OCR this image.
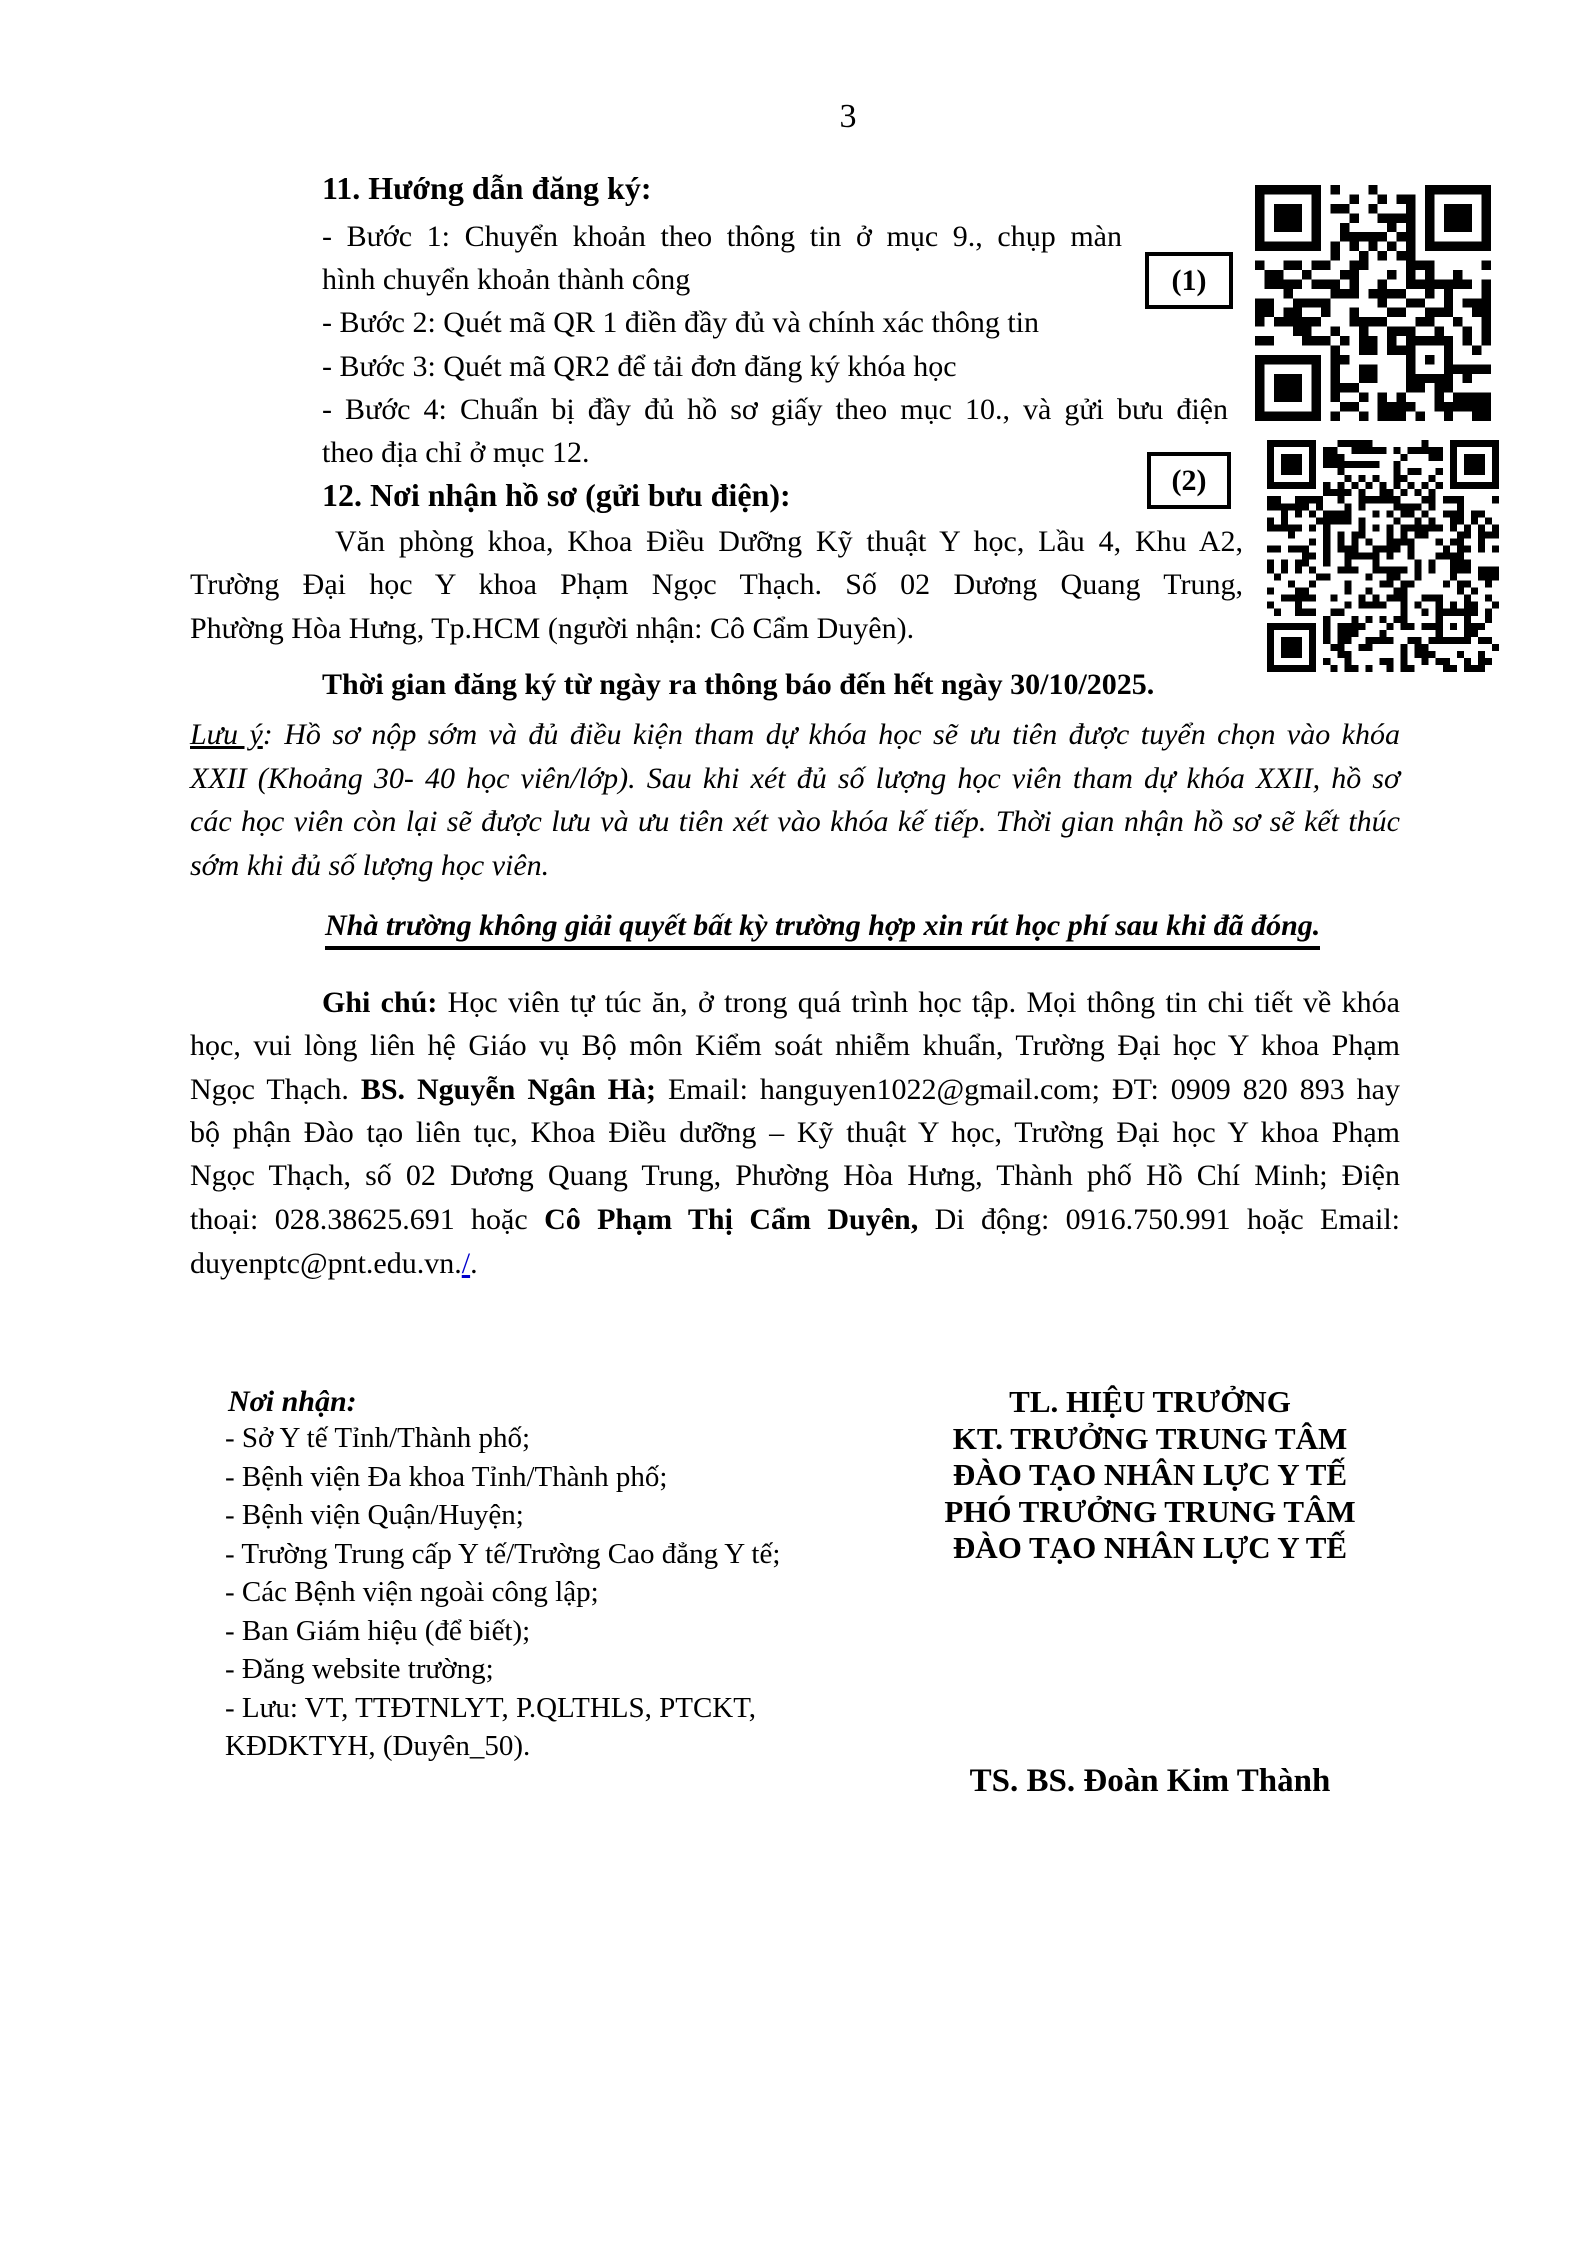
3
11. Hướng dẫn đăng ký:
- Bước 1: Chuyển khoản theo thông tin ở mục 9., chụp màn
hình chuyển khoản thành công
- Bước 2: Quét mã QR 1 điền đầy đủ và chính xác thông tin
- Bước 3: Quét mã QR2 để tải đơn đăng ký khóa học
- Bước 4: Chuẩn bị đầy đủ hồ sơ giấy theo mục 10., và gửi bưu điện
theo địa chỉ ở mục 12.
(1)
(2)
12. Nơi nhận hồ sơ (gửi bưu điện):
Văn phòng khoa, Khoa Điều Dưỡng Kỹ thuật Y học, Lầu 4, Khu A2,
Trường Đại học Y khoa Phạm Ngọc Thạch. Số 02 Dương Quang Trung,
Phường Hòa Hưng, Tp.HCM (người nhận: Cô Cẩm Duyên).
Thời gian đăng ký từ ngày ra thông báo đến hết ngày 30/10/2025.
Lưu ý: Hồ sơ nộp sớm và đủ điều kiện tham dự khóa học sẽ ưu tiên được tuyển chọn vào khóa
XXII (Khoảng 30- 40 học viên/lớp). Sau khi xét đủ số lượng học viên tham dự khóa XXII, hồ sơ
các học viên còn lại sẽ được lưu và ưu tiên xét vào khóa kế tiếp. Thời gian nhận hồ sơ sẽ kết thúc
sớm khi đủ số lượng học viên.
Nhà trường không giải quyết bất kỳ trường hợp xin rút học phí sau khi đã đóng.
Ghi chú: Học viên tự túc ăn, ở trong quá trình học tập. Mọi thông tin chi tiết về khóa
học, vui lòng liên hệ Giáo vụ Bộ môn Kiểm soát nhiễm khuẩn, Trường Đại học Y khoa Phạm
Ngọc Thạch. BS. Nguyễn Ngân Hà; Email: hanguyen1022@gmail.com; ĐT: 0909 820 893 hay
bộ phận Đào tạo liên tục, Khoa Điều dưỡng – Kỹ thuật Y học, Trường Đại học Y khoa Phạm
Ngọc Thạch, số 02 Dương Quang Trung, Phường Hòa Hưng, Thành phố Hồ Chí Minh; Điện
thoại: 028.38625.691 hoặc Cô Phạm Thị Cẩm Duyên, Di động: 0916.750.991 hoặc Email:
duyenptc@pnt.edu.vn./.
Nơi nhận:
- Sở Y tế Tỉnh/Thành phố;
- Bệnh viện Đa khoa Tỉnh/Thành phố;
- Bệnh viện Quận/Huyện;
- Trường Trung cấp Y tế/Trường Cao đẳng Y tế;
- Các Bệnh viện ngoài công lập;
- Ban Giám hiệu (để biết);
- Đăng website trường;
- Lưu: VT, TTĐTNLYT, P.QLTHLS, PTCKT,
KĐDKTYH, (Duyên_50).
TL. HIỆU TRƯỞNG
KT. TRƯỞNG TRUNG TÂM
ĐÀO TẠO NHÂN LỰC Y TẾ
PHÓ TRƯỞNG TRUNG TÂM
ĐÀO TẠO NHÂN LỰC Y TẾ
TS. BS. Đoàn Kim Thành
